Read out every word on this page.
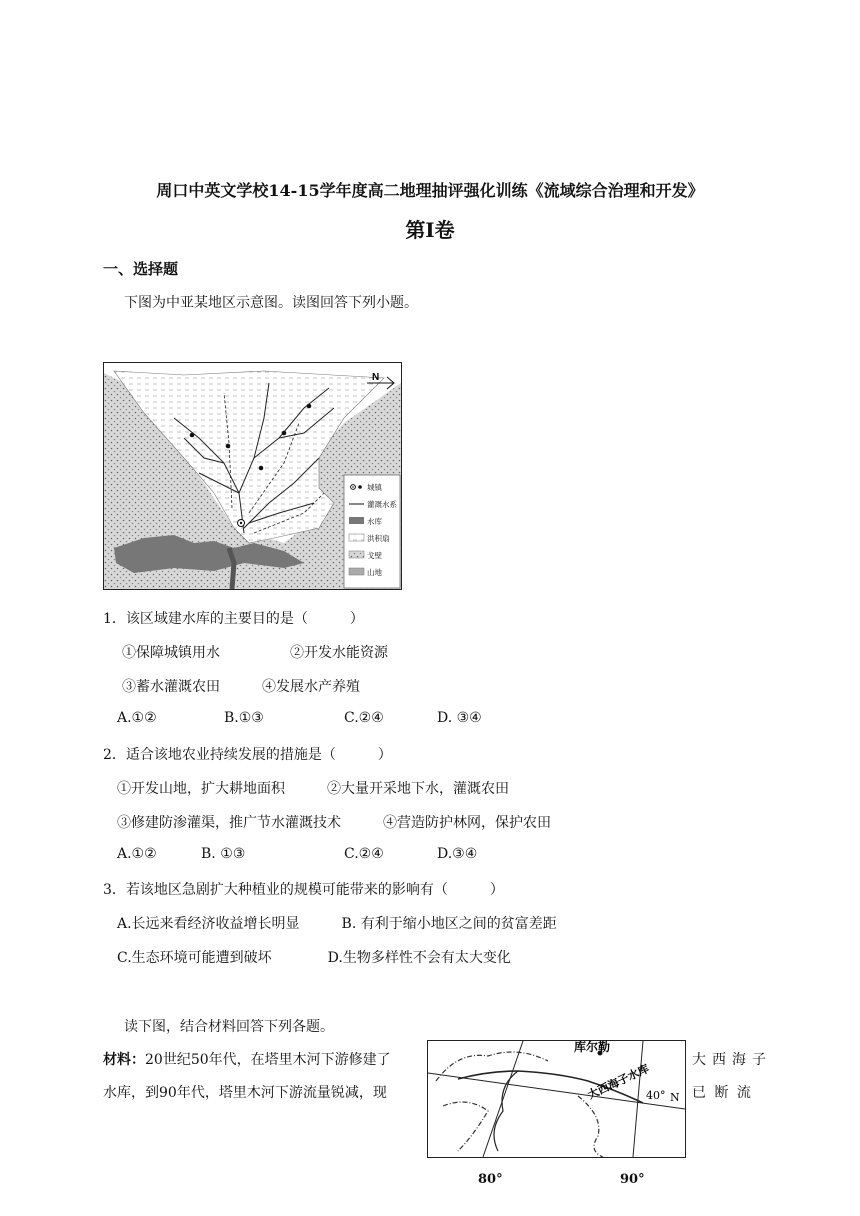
周口中英文学校14-15学年度高二地理抽评强化训练《流域综合治理和开发》
第Ⅰ卷
一、选择题
下图为中亚某地区示意图。读图回答下列小题。
N
城镇
灌溉水系
水库
洪积扇
戈壁
山地
1．该区域建水库的主要目的是（　　　）
①保障城镇用水　　　　　②开发水能资源
③蓄水灌溉农田　　　④发展水产养殖
A.①②	B.①③	C.②④	D. ③④
2．适合该地农业持续发展的措施是（　　　）
①开发山地，扩大耕地面积　　　②大量开采地下水，灌溉农田
③修建防渗灌渠，推广节水灌溉技术　　　④营造防护林网，保护农田
A.①②	B. ①③	C.②④	D.③④
3．若该地区急剧扩大种植业的规模可能带来的影响有（　　　）
A.长远来看经济收益增长明显　　　B. 有利于缩小地区之间的贫富差距
C.生态环境可能遭到破坏　　　　D.生物多样性不会有太大变化
读下图，结合材料回答下列各题。
材料：20世纪50年代，在塔里木河下游修建了
水库，到90年代，塔里木河下游流量锐减，现
大西海子
已 断 流
库尔勒
大西海子水库
40° N
80°	90°
